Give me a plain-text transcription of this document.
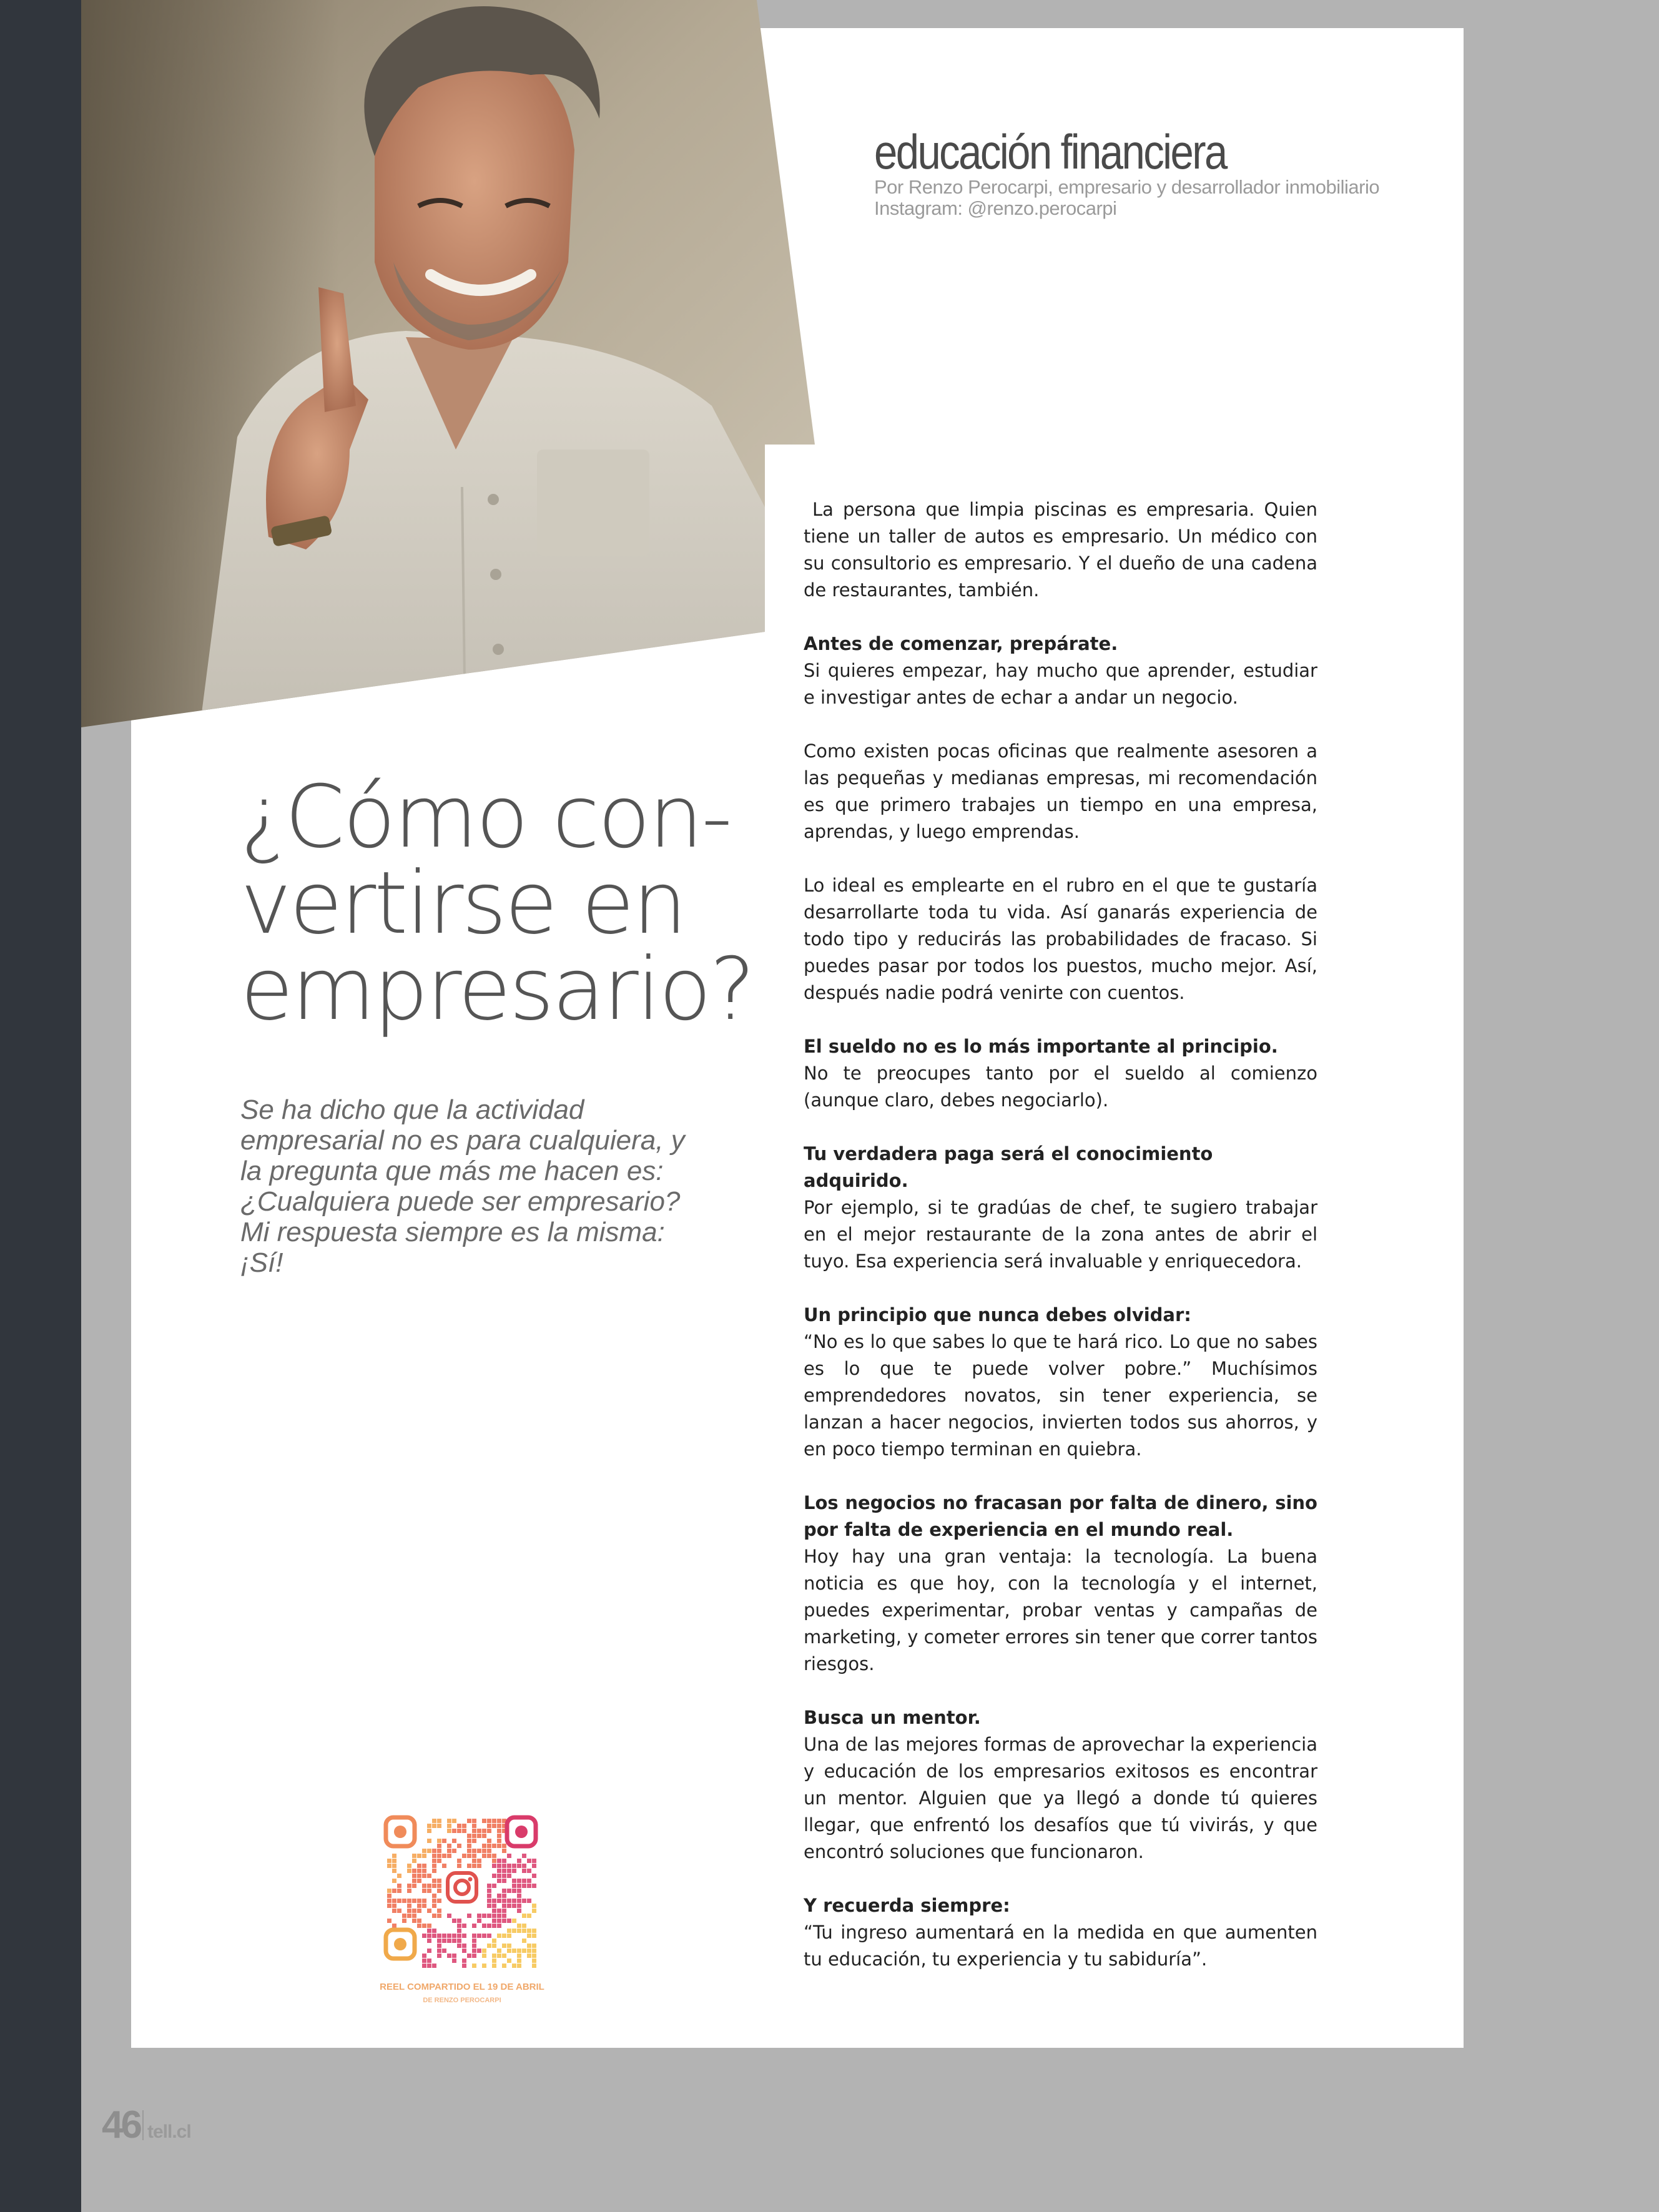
educación financiera
Por Renzo Perocarpi, empresario y desarrollador inmobiliario
Instagram: @renzo.perocarpi
¿Cómo con-
vertirse en
empresario?

Se ha dicho que la actividad
empresarial no es para cualquiera, y
la pregunta que más me hacen es:
¿Cualquiera puede ser empresario?
Mi respuesta siempre es la misma:
¡Sí!

La persona que limpia piscinas es empresaria. Quien tiene un taller de autos es empresario. Un médico con su consultorio es empresario. Y el dueño de una cadena de restaurantes, también.
Antes de comenzar, prepárate.
Si quieres empezar, hay mucho que aprender, estudiar e investigar antes de echar a andar un negocio.
Como existen pocas oficinas que realmente asesoren a las pequeñas y medianas empresas, mi recomendación es que primero trabajes un tiempo en una empresa, aprendas, y luego emprendas.
Lo ideal es emplearte en el rubro en el que te gustaría desarrollarte toda tu vida. Así ganarás experiencia de todo tipo y reducirás las probabilidades de fracaso. Si puedes pasar por todos los puestos, mucho mejor. Así, después nadie podrá venirte con cuentos.
El sueldo no es lo más importante al principio.
No te preocupes tanto por el sueldo al comienzo (aunque claro, debes negociarlo).
Tu verdadera paga será el conocimiento adquirido.
Por ejemplo, si te gradúas de chef, te sugiero trabajar en el mejor restaurante de la zona antes de abrir el tuyo. Esa experiencia será invaluable y enriquecedora.
Un principio que nunca debes olvidar:
“No es lo que sabes lo que te hará rico. Lo que no sabes es lo que te puede volver pobre.” Muchísimos emprendedores novatos, sin tener experiencia, se lanzan a hacer negocios, invierten todos sus ahorros, y en poco tiempo terminan en quiebra.
Los negocios no fracasan por falta de dinero, sino por falta de experiencia en el mundo real.
Hoy hay una gran ventaja: la tecnología. La buena noticia es que hoy, con la tecnología y el internet, puedes experimentar, probar ventas y campañas de marketing, y cometer errores sin tener que correr tantos riesgos.
Busca un mentor.
Una de las mejores formas de aprovechar la experiencia y educación de los empresarios exitosos es encontrar un mentor. Alguien que ya llegó a donde tú quieres llegar, que enfrentó los desafíos que tú vivirás, y que encontró soluciones que funcionaron.
Y recuerda siempre:
“Tu ingreso aumentará en la medida en que aumenten tu educación, tu experiencia y tu sabiduría”.
REEL COMPARTIDO EL 19 DE ABRIL
DE RENZO PEROCARPI
46 tell.cl
